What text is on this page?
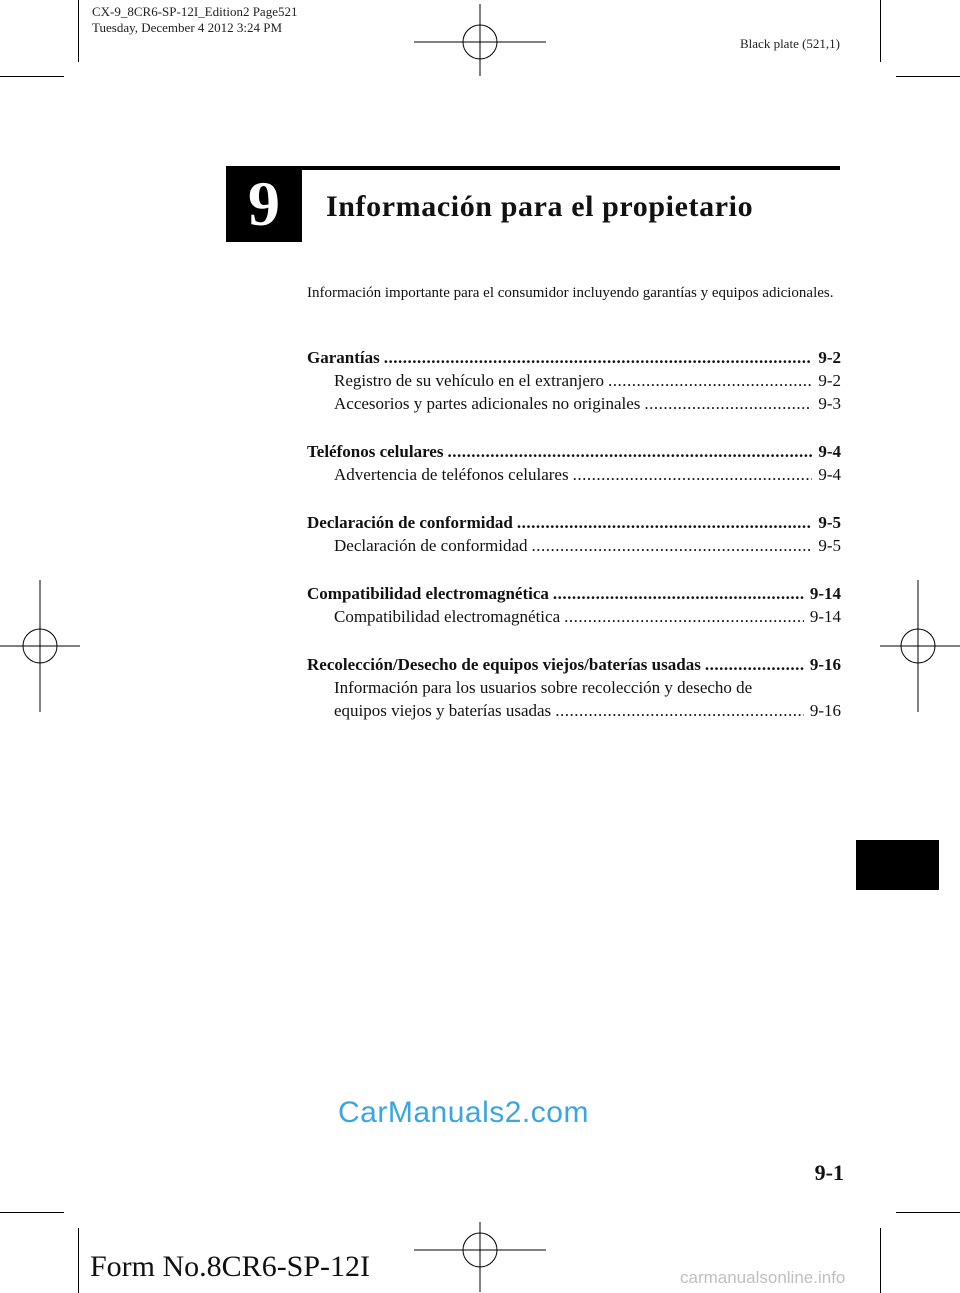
CX-9_8CR6-SP-12I_Edition2 Page521
Tuesday, December 4 2012 3:24 PM
Black plate (521,1)
9	Información para el propietario
Información importante para el consumidor incluyendo garantías y equipos adicionales.
Garantías .....	9-2
Registro de su vehículo en el extranjero .....	9-2
Accesorios y partes adicionales no originales .....	9-3
Teléfonos celulares .....	9-4
Advertencia de teléfonos celulares .....	9-4
Declaración de conformidad .....	9-5
Declaración de conformidad .....	9-5
Compatibilidad electromagnética .....	9-14
Compatibilidad electromagnética .....	9-14
Recolección/Desecho de equipos viejos/baterías usadas .....	9-16
Información para los usuarios sobre recolección y desecho de
equipos viejos y baterías usadas .....	9-16
9-1
Form No.8CR6-SP-12I
CarManuals2.com
carmanualsonline.info
